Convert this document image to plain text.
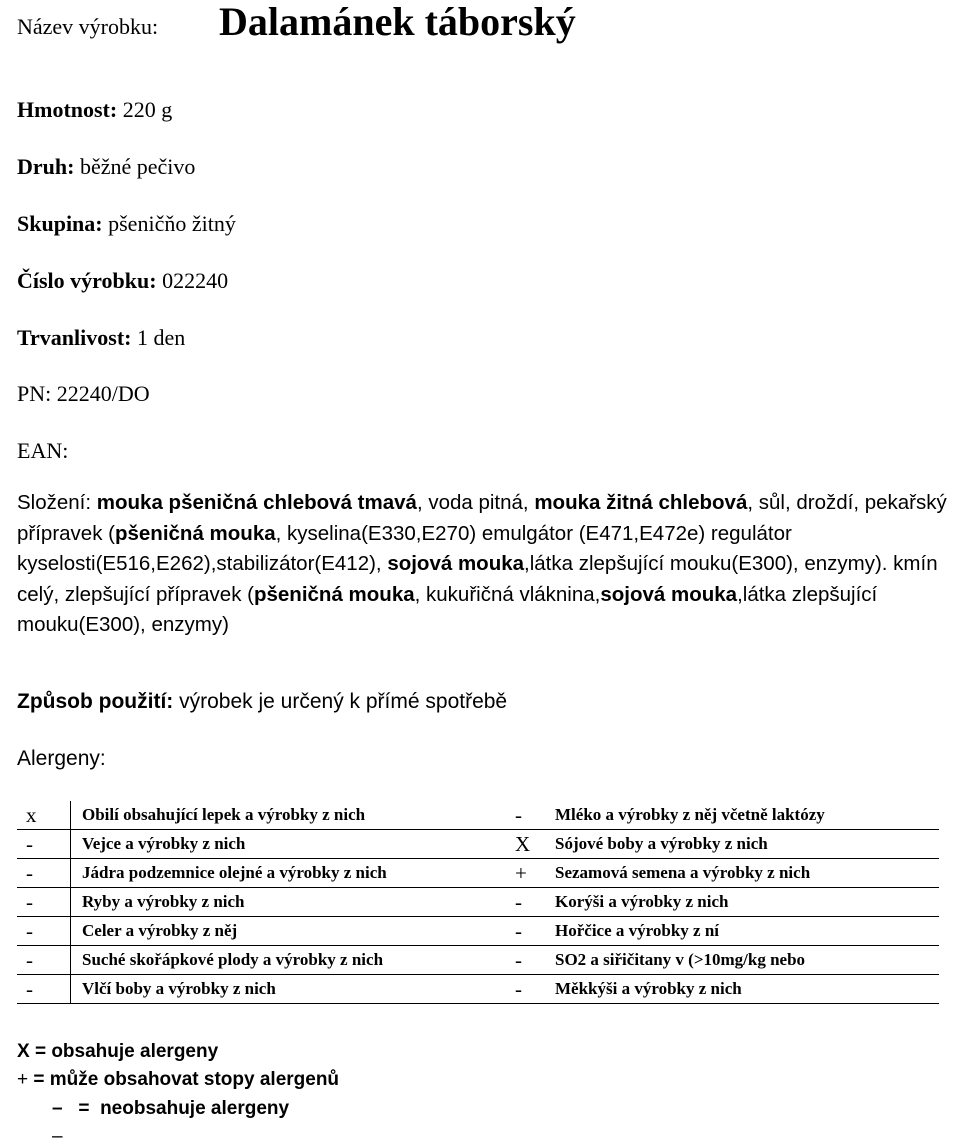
Název výrobku: Dalamánek táborský
Hmotnost: 220 g
Druh: běžné pečivo
Skupina: pšeničňo žitný
Číslo výrobku: 022240
Trvanlivost: 1 den
PN: 22240/DO
EAN:
Složení: mouka pšeničná chlebová tmavá, voda pitná, mouka žitná chlebová, sůl, droždí, pekařský přípravek (pšeničná mouka, kyselina(E330,E270) emulgátor (E471,E472e) regulátor kyselosti(E516,E262),stabilizátor(E412), sojová mouka,látka zlepšující mouku(E300), enzymy). kmín celý, zlepšující přípravek (pšeničná mouka, kukuřičná vláknina,sojová mouka,látka zlepšující mouku(E300), enzymy)
Způsob použití: výrobek je určený k přímé spotřebě
Alergeny:
x	Obilí obsahující lepek a výrobky z nich	-	Mléko a výrobky z něj včetně laktózy
-	Vejce a výrobky z nich	X	Sójové boby a výrobky z nich
-	Jádra podzemnice olejné a výrobky z nich	+	Sezamová semena a výrobky z nich
-	Ryby a výrobky z nich	-	Korýši a výrobky z nich
-	Celer a výrobky z něj	-	Hořčice a výrobky z ní
-	Suché skořápkové plody a výrobky z nich	-	SO2 a siřičitany v (>10mg/kg nebo
-	Vlčí boby a výrobky z nich	-	Měkkýši a výrobky z nich
X = obsahuje alergeny
+ = může obsahovat stopy alergenů
–   =  neobsahuje alergeny
–
